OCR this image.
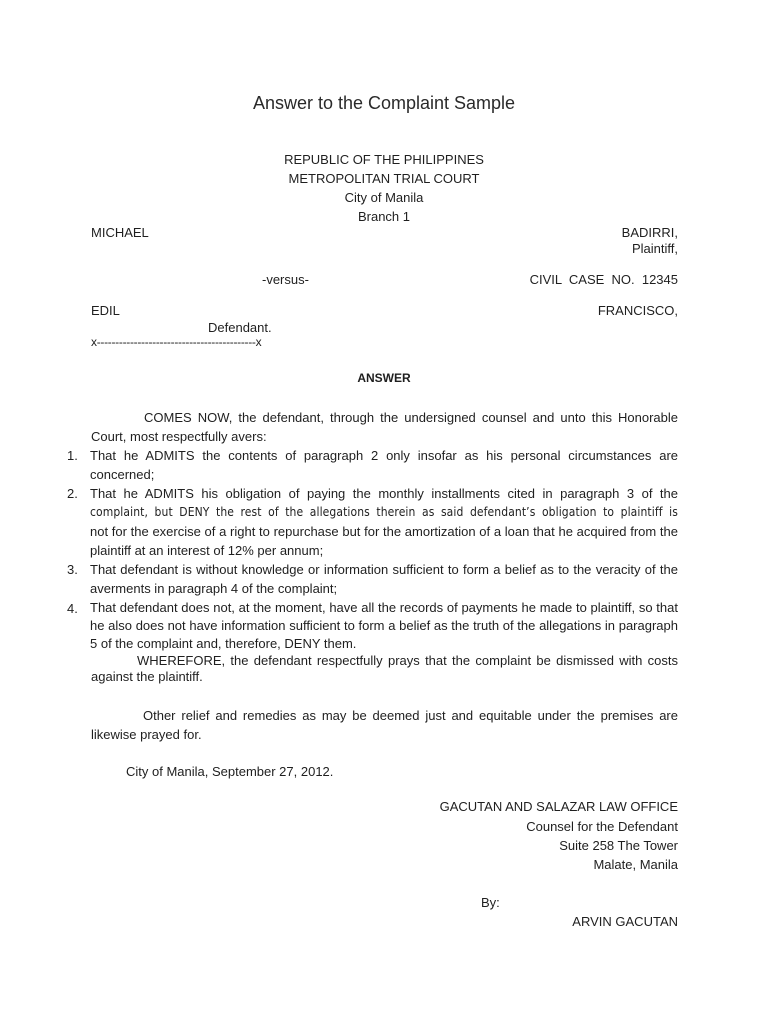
Answer to the Complaint Sample
REPUBLIC OF THE PHILIPPINES
METROPOLITAN TRIAL COURT
City of Manila
Branch 1
MICHAEL	BADIRRI,
Plaintiff,
-versus-	CIVIL  CASE  NO.  12345
EDIL	FRANCISCO,
Defendant.
x-------------------------------------------x
ANSWER
COMES NOW, the defendant, through the undersigned counsel and unto this Honorable Court, most respectfully avers:
1. That he ADMITS the contents of paragraph 2 only insofar as his personal circumstances are concerned;
2. That he ADMITS his obligation of paying the monthly installments cited in paragraph 3 of the
complaint, but DENY the rest of the allegations therein as said defendant’s obligation to plaintiff is
not for the exercise of a right to repurchase but for the amortization of a loan that he acquired from the plaintiff at an interest of 12% per annum;
3. That defendant is without knowledge or information sufficient to form a belief as to the veracity of the averments in paragraph 4 of the complaint;
4. That defendant does not, at the moment, have all the records of payments he made to plaintiff, so that he also does not have information sufficient to form a belief as the truth of the allegations in paragraph 5 of the complaint and, therefore, DENY them.
WHEREFORE, the defendant respectfully prays that the complaint be dismissed with costs against the plaintiff.
Other relief and remedies as may be deemed just and equitable under the premises are likewise prayed for.
City of Manila, September 27, 2012.
GACUTAN AND SALAZAR LAW OFFICE
Counsel for the Defendant
Suite 258 The Tower
Malate, Manila
By:
ARVIN GACUTAN
